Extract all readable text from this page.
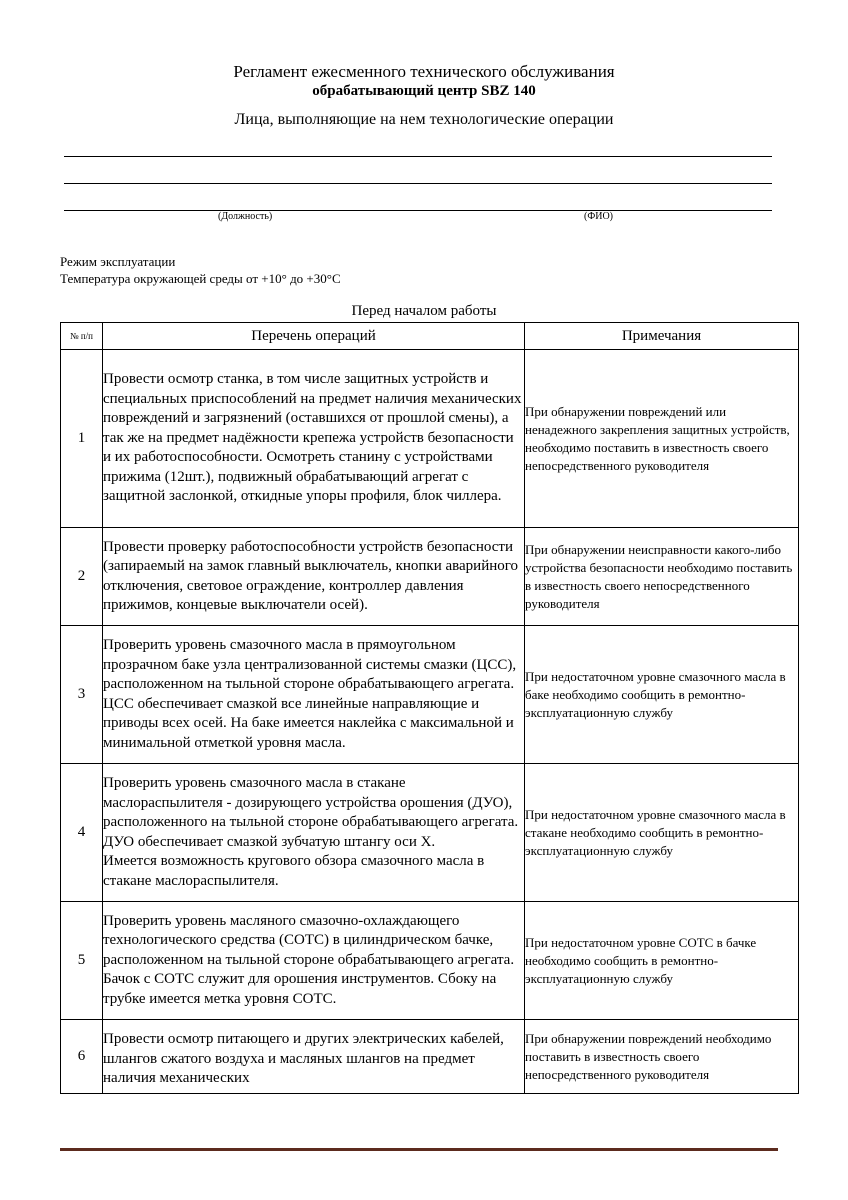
Регламент ежесменного технического обслуживания
обрабатывающий центр SBZ 140
Лица, выполняющие на нем технологические операции
(Должность)	(ФИО)
Режим эксплуатации
Температура окружающей среды от +10° до +30°С
Перед началом работы
№ п/п	Перечень операций	Примечания
1	Провести осмотр станка, в том числе защитных устройств и специальных приспособлений на предмет наличия механических повреждений и загрязнений (оставшихся от прошлой смены), а так же на предмет надёжности крепежа устройств безопасности и их работоспособности. Осмотреть станину с устройствами прижима (12шт.), подвижный обрабатывающий агрегат с защитной заслонкой, откидные упоры профиля, блок чиллера.	При обнаружении повреждений или ненадежного закрепления защитных устройств, необходимо поставить в известность своего непосредственного руководителя
2	Провести проверку работоспособности устройств безопасности (запираемый на замок главный выключатель, кнопки аварийного отключения, световое ограждение, контроллер давления прижимов, концевые выключатели осей).	При обнаружении неисправности какого-либо устройства безопасности необходимо поставить в известность своего непосредственного руководителя
3	Проверить уровень смазочного масла в прямоугольном прозрачном баке узла централизованной системы смазки (ЦСС), расположенном на тыльной стороне обрабатывающего агрегата. ЦСС обеспечивает смазкой все линейные направляющие и приводы всех осей. На баке имеется наклейка с максимальной и минимальной отметкой уровня масла.	При недостаточном уровне смазочного масла в баке необходимо сообщить в ремонтно-эксплуатационную службу
4	Проверить уровень смазочного масла в стакане маслораспылителя - дозирующего устройства орошения (ДУО), расположенного на тыльной стороне обрабатывающего агрегата. ДУО обеспечивает смазкой зубчатую штангу оси X.
Имеется возможность кругового обзора смазочного масла в стакане маслораспылителя.	При недостаточном уровне смазочного масла в стакане необходимо сообщить в ремонтно-эксплуатационную службу
5	Проверить уровень масляного смазочно-охлаждающего технологического средства (СОТС) в цилиндрическом бачке, расположенном на тыльной стороне обрабатывающего агрегата. Бачок с СОТС служит для орошения инструментов. Сбоку на трубке имеется метка уровня СОТС.	При недостаточном уровне СОТС в бачке необходимо сообщить в ремонтно-эксплуатационную службу
6	Провести осмотр питающего и других электрических кабелей, шлангов сжатого воздуха и масляных шлангов на предмет наличия механических	При обнаружении повреждений необходимо поставить в известность своего непосредственного руководителя
